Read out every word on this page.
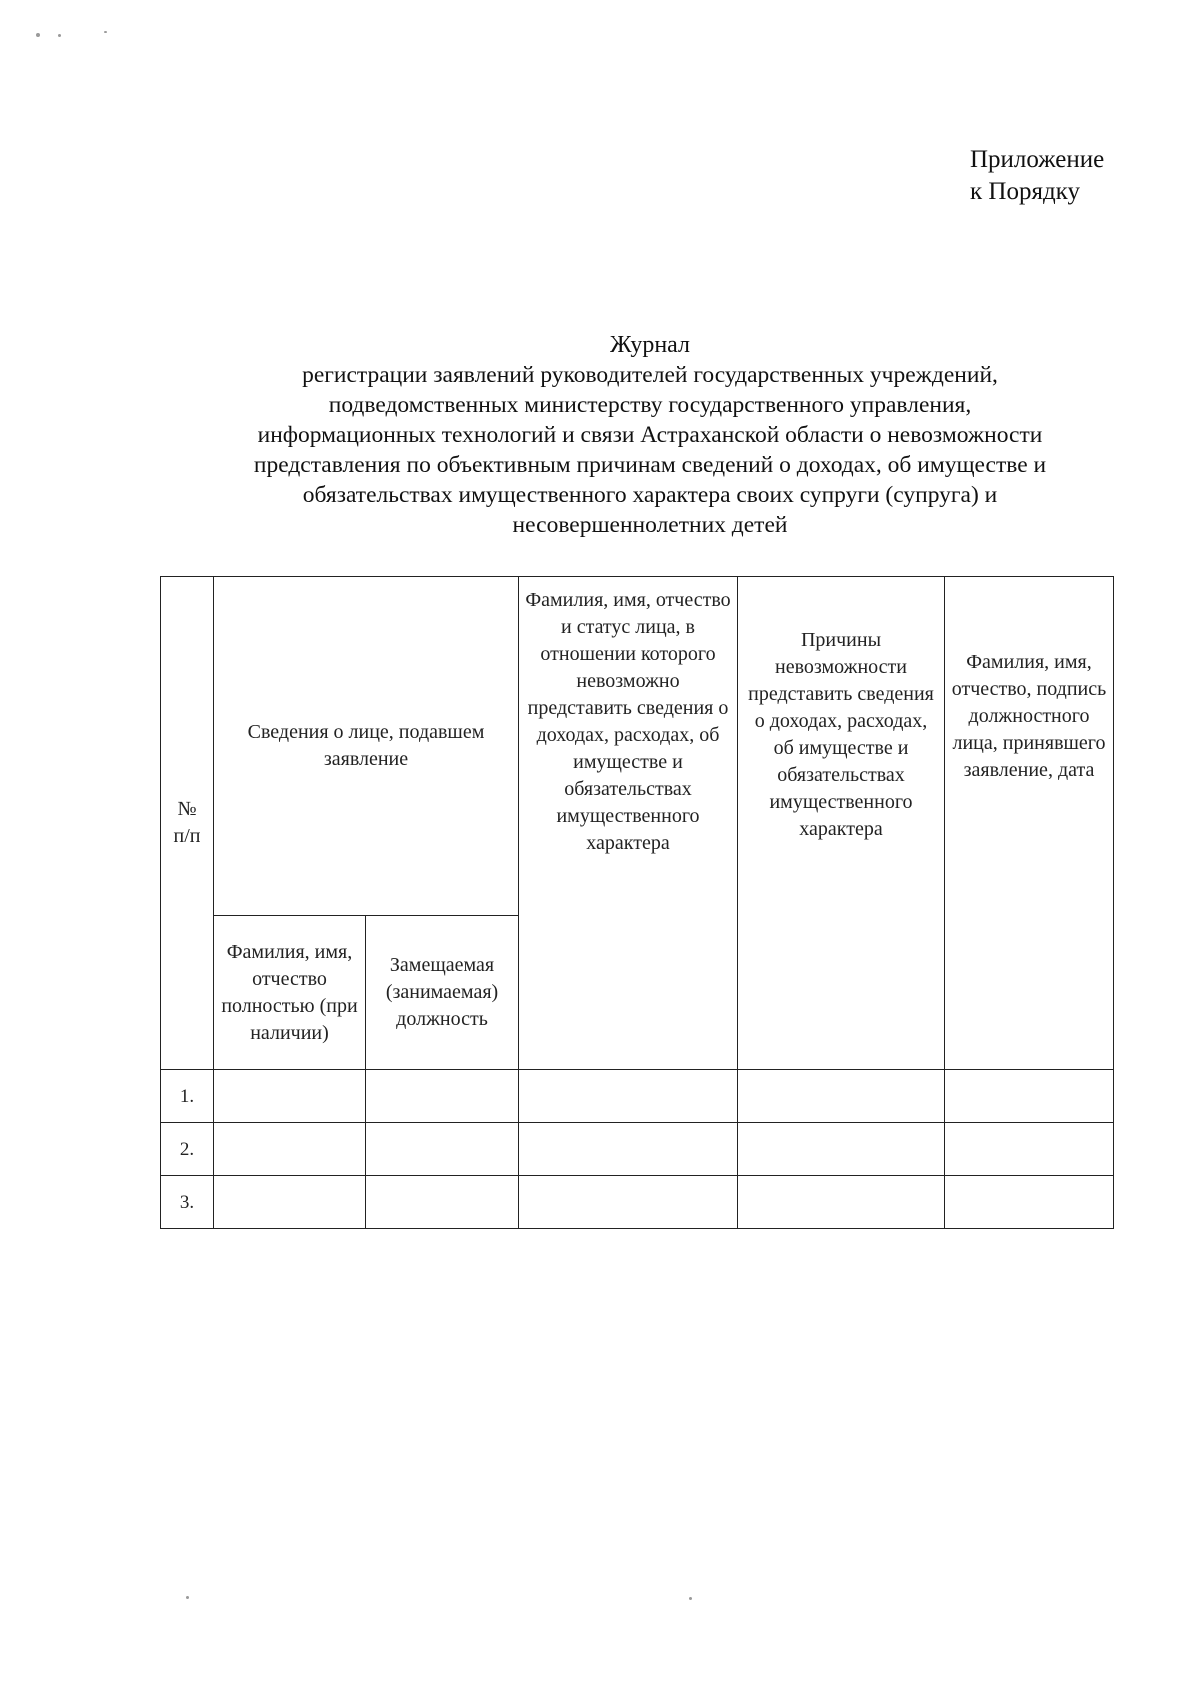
Приложение
к Порядку
Журнал
регистрации заявлений руководителей государственных учреждений,
подведомственных министерству государственного управления,
информационных технологий и связи Астраханской области о невозможности
представления по объективным причинам сведений о доходах, об имуществе и
обязательствах имущественного характера своих супруги (супруга) и
несовершеннолетних детей
№ п/п	Сведения о лице, подавшем заявление		Фамилия, имя, отчество и статус лица, в отношении которого невозможно представить сведения о доходах, расходах, об имуществе и обязательствах имущественного характера	Причины невозможности представить сведения о доходах, расходах, об имуществе и обязательствах имущественного характера	Фамилия, имя, отчество, подпись должностного лица, принявшего заявление, дата
	Фамилия, имя, отчество полностью (при наличии)	Замещаемая (занимаемая) должность			
1.					
2.					
3.					
